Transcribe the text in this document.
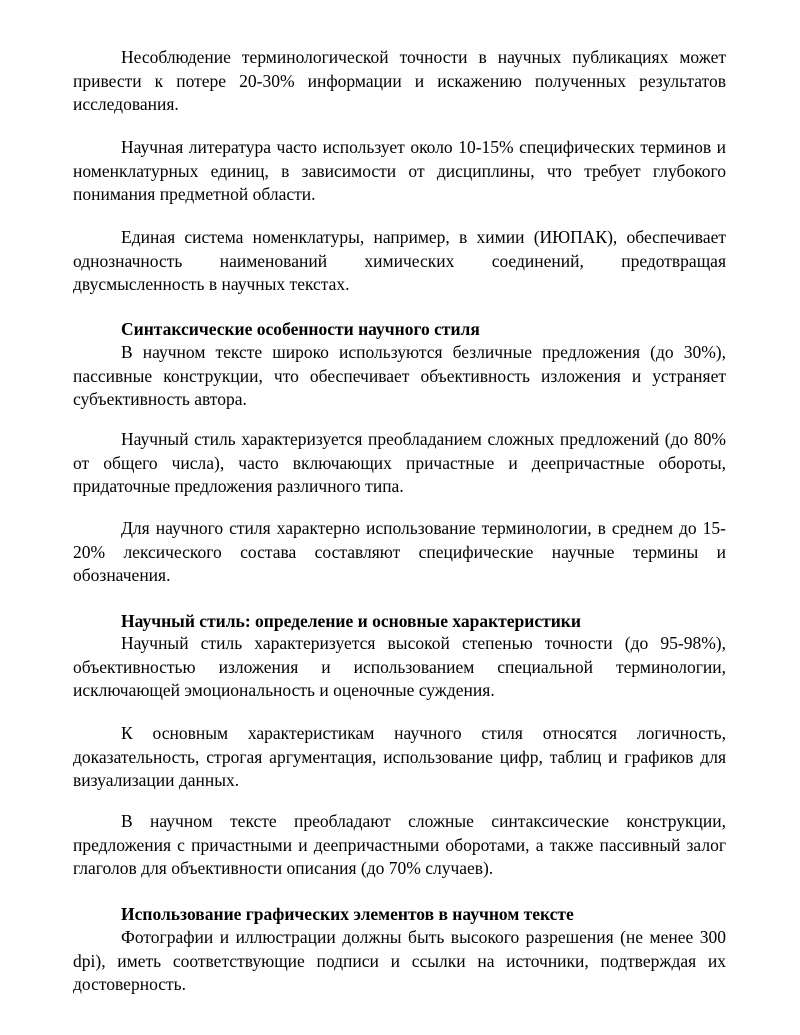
Несоблюдение терминологической точности в научных публикациях может привести к потере 20-30% информации и искажению полученных результатов исследования.

Научная литература часто использует около 10-15% специфических терминов и номенклатурных единиц, в зависимости от дисциплины, что требует глубокого понимания предметной области.

Единая система номенклатуры, например, в химии (ИЮПАК), обеспечивает однозначность наименований химических соединений, предотвращая двусмысленность в научных текстах.

Синтаксические особенности научного стиля

В научном тексте широко используются безличные предложения (до 30%), пассивные конструкции, что обеспечивает объективность изложения и устраняет субъективность автора.

Научный стиль характеризуется преобладанием сложных предложений (до 80% от общего числа), часто включающих причастные и деепричастные обороты, придаточные предложения различного типа.

Для научного стиля характерно использование терминологии, в среднем до 15-20% лексического состава составляют специфические научные термины и обозначения.

Научный стиль: определение и основные характеристики

Научный стиль характеризуется высокой степенью точности (до 95-98%), объективностью изложения и использованием специальной терминологии, исключающей эмоциональность и оценочные суждения.

К основным характеристикам научного стиля относятся логичность, доказательность, строгая аргументация, использование цифр, таблиц и графиков для визуализации данных.

В научном тексте преобладают сложные синтаксические конструкции, предложения с причастными и деепричастными оборотами, а также пассивный залог глаголов для объективности описания (до 70% случаев).

Использование графических элементов в научном тексте

Фотографии и иллюстрации должны быть высокого разрешения (не менее 300 dpi), иметь соответствующие подписи и ссылки на источники, подтверждая их достоверность.
